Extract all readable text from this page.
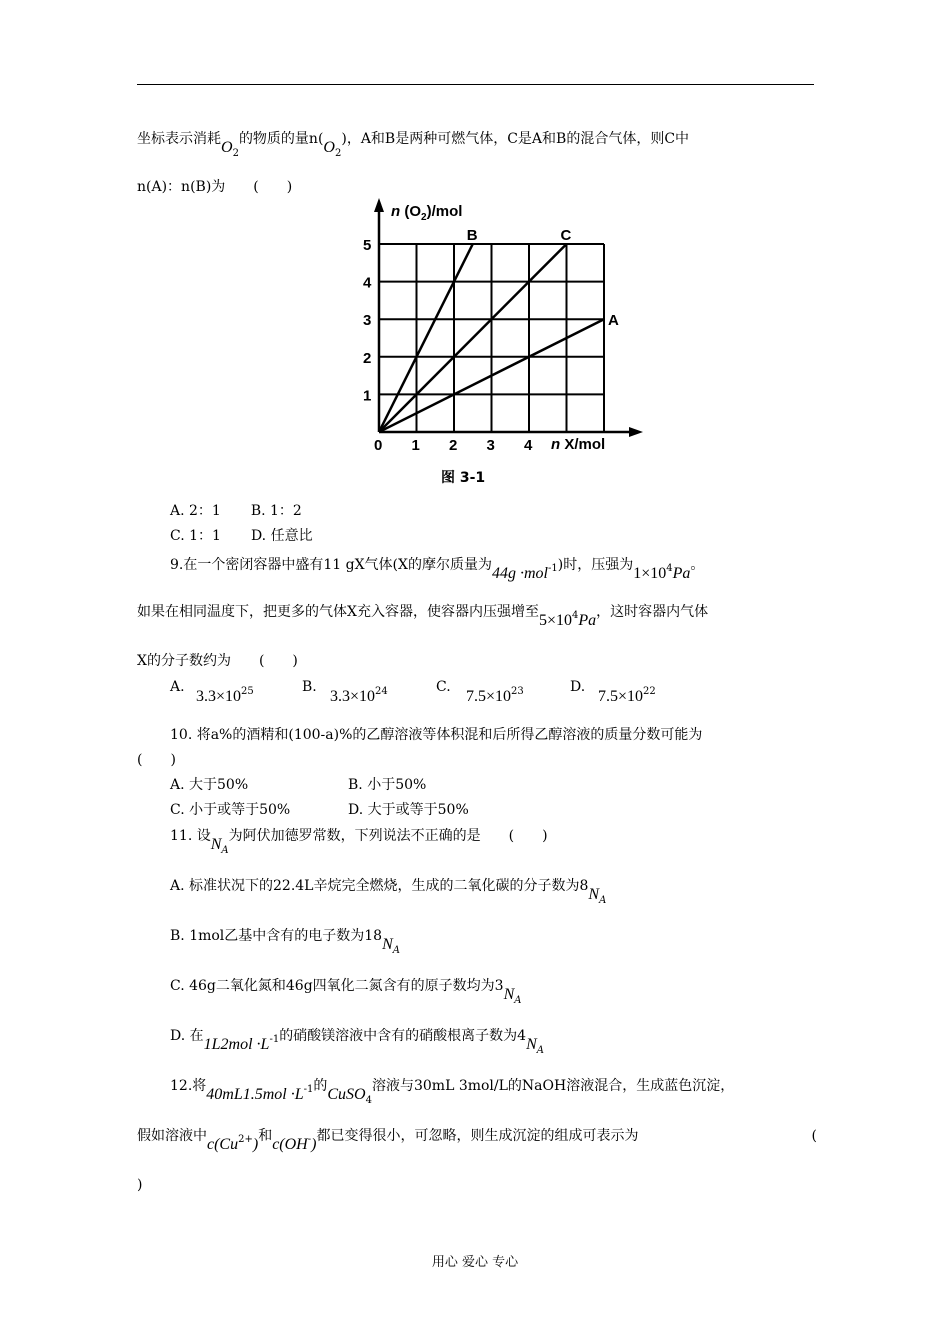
坐标表示消耗$O_2$的物质的量$n(O_2)$，A和B是两种可燃气体，C是A和B的混合气体，则C中
n(A)：n(B)为　　(　　)
B	C
A
0 1 2 3 4
1
2
3
4
5
n $(O_2)$/mol
n X/mol
图 3-1
A. 2：1 B. 1：2
C. 1：1 D. 任意比
9.在一个密闭容器中盛有11 gX气体(X的摩尔质量为44g ·mol$^{-1}$)时，压强为$1\times 10^4Pa$。
如果在相同温度下，把更多的气体X充入容器，使容器内压强增至$5\times 10^4Pa$，这时容器内气体
X的分子数约为　　(　　)
A.
$3.3\times 10^{25}$	B.
$3.3\times 10^{24}$	C.
$7.5\times 10^{23}$	D.
$7.5\times 10^{22}$
10. 将a%的酒精和(100-a)%的乙醇溶液等体积混和后所得乙醇溶液的质量分数可能为
(　　)
A. 大于50%	B. 小于50%
C. 小于或等于50%	D. 大于或等于50%
11. 设$N_A$为阿伏加德罗常数，下列说法不正确的是　　(　　)
A. 标准状况下的22.4L辛烷完全燃烧，生成的二氧化碳的分子数为$8N_A$
B. 1mol乙基中含有的电子数为$18N_A$
C. 46g二氧化氮和46g四氧化二氮含有的原子数均为$3N_A$
D. 在$1L2mol \cdot L^{-1}$的硝酸镁溶液中含有的硝酸根离子数为$4N_A$
12.将$40mL1.5mol \cdot L^{-1}$的CuSO$_4$溶液与30mL 3mol/L的NaOH溶液混合，生成蓝色沉淀，
假如溶液中$c(Cu^{2+})$和c(OH-)都已变得很小，可忽略，则生成沉淀的组成可表示为	(
)
用心 爱心 专心
